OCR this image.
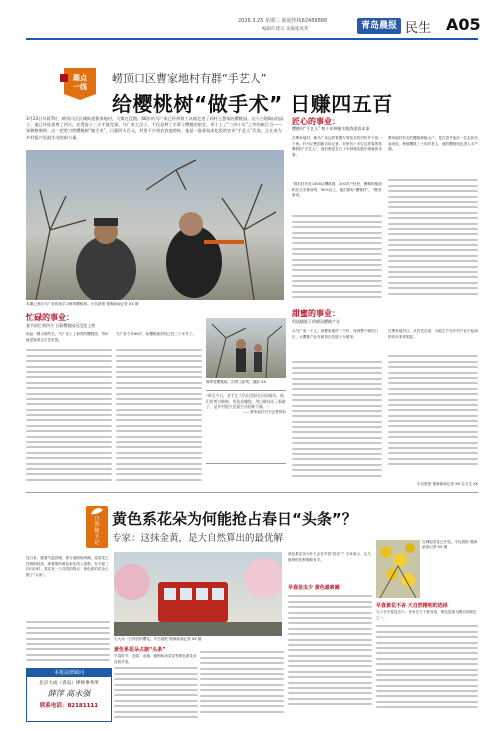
2026.3.25 星期三 新闻热线82488888
编辑许建宗 美编张凤英	青岛晨报 民生 A05
踢点
一线
崂顶口区曹家地村有群“手艺人”
给樱桃树“做手术” 日赚四五百
3月23日早晨7时，崂顶口区长城街道曹家地村，大雾还没散，68岁的马广来已经带着工具箱走进了同村王慧家的樱桃园。这个占地8亩的园子，他已经连着剪了四天，还得再干三天才能完事。马广来大汉子，不仅是种了半辈子樱桃的果农，更干上了“三四十年”之外的新行当——果树修剪师。这一把剪刀给樱桃树“做手术”，日薪四五百元，村里不少果农找他剪枝。他是一批靠技术吃饭的农业“手艺人”代表，正在成为乡村振兴里最生动的新力量。
本期记者向马广来现场学习修剪樱桃树。半岛晨报·观海新闻记者 XX 摄
忙碌的事业：
春节前忙到四月 日薪樱桃园迟没挂上剪
说起一棵小树的长，马广来上了那剪的樱桃园，每年就是靠着这手艺吃饭。
马广来今年68岁，给樱桃树剪枝已经三十多年了。
修剪老樱桃树。田剪上新剪。摄影 XX
“时至今日，老手艺人仍旧活跃在田间地头。他们用剪刀修树，用技术赚钱，用口碑闯出了新路子，是乡村振兴里最生动的新力量。”
——曹家地村村书记曹国新
匠心的事业：
樱桃村“手艺人” 数十年种植实践练就真本事
在曹家地村，像马广来这样掌握专剪技术的村民并不是一个两。村书记曹国新告诉记者，村里有十多位这样靠剪枝赚钱的“手艺人”，他们都是在几十年种植实践中练就的本事。
“我们村有近1300亩樱桃园，200多户村民，樱桃种植面积在全市排前列，90%以上，他们都有“樱桃村”。”曹国新说。
曹家地村有名的樱桃种植大户，是在春节前后一位农民站起来说，种植樱桃三十年的老人，他的樱桃园也进入丰产期。
甜蜜的事业：
科技赋能下的崂顶樱桃产业
从马广来一个人，到曹家地村一个村，再到整个崂顶口区，大樱桃产业在崂顶区发展十分繁荣。
在曹家地村口，从村党总部，当地生产在乡村产业中起到的作用非常明显。
半岛晨报·观海新闻记者 XX 实习生 XX
自然随手记
黄色系花朵为何能抢占春日“头条”？
专家：这抹金黄，是大自然算出的最优解
连日来，随着气温回暖，部分道路的两侧，迎春花已经悄悄绽放，即将明的黄色率先闯入视野。在平板三四月份时，其实有一个共同的特点：黄色系的花朵占据了“头条”。
石大冰一行拜贺的樱花。半岛晨报·观海新闻记者 XX 摄
黄色系花朵占据“头条”
早春时节，迎春、连翘、蜡梅和油菜花等黄色系花朵竞相开放。
黄色系花朵为什么会在早春“抢先”？专家表示，这与植物的传粉策略有关。
早春昆虫少 黄色最吸睛
岛城迎春花已开放。半岛晨报·观海新闻记者 XX 摄
早春黄花不吝 大自然精明的选择
为了在早春昆虫少、竞争压力下被发现，黄色是最为醒目的颜色之一。
本报法律顾问
北京大成（青岛）律师事务所
薛萍 高永强
联系电话：82181111
